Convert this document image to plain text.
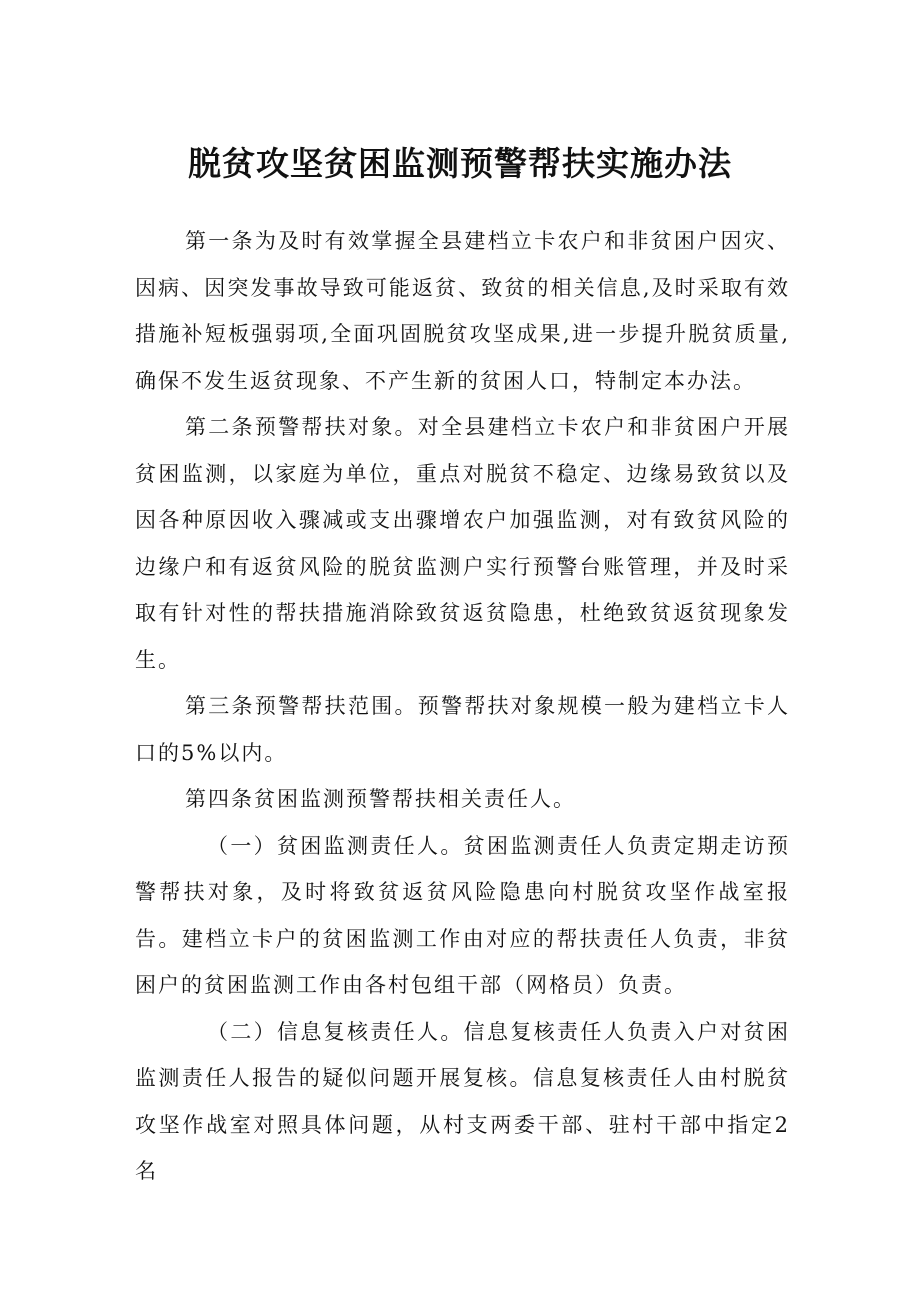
脱贫攻坚贫困监测预警帮扶实施办法

第一条为及时有效掌握全县建档立卡农户和非贫困户因灾、因病、因突发事故导致可能返贫、致贫的相关信息,及时采取有效措施补短板强弱项,全面巩固脱贫攻坚成果,进一步提升脱贫质量,确保不发生返贫现象、不产生新的贫困人口，特制定本办法。

第二条预警帮扶对象。对全县建档立卡农户和非贫困户开展贫困监测，以家庭为单位，重点对脱贫不稳定、边缘易致贫以及因各种原因收入骤减或支出骤增农户加强监测，对有致贫风险的边缘户和有返贫风险的脱贫监测户实行预警台账管理，并及时采取有针对性的帮扶措施消除致贫返贫隐患，杜绝致贫返贫现象发生。

第三条预警帮扶范围。预警帮扶对象规模一般为建档立卡人口的5%以内。

第四条贫困监测预警帮扶相关责任人。

（一）贫困监测责任人。贫困监测责任人负责定期走访预警帮扶对象，及时将致贫返贫风险隐患向村脱贫攻坚作战室报告。建档立卡户的贫困监测工作由对应的帮扶责任人负责，非贫困户的贫困监测工作由各村包组干部（网格员）负责。

（二）信息复核责任人。信息复核责任人负责入户对贫困监测责任人报告的疑似问题开展复核。信息复核责任人由村脱贫攻坚作战室对照具体问题，从村支两委干部、驻村干部中指定2名
